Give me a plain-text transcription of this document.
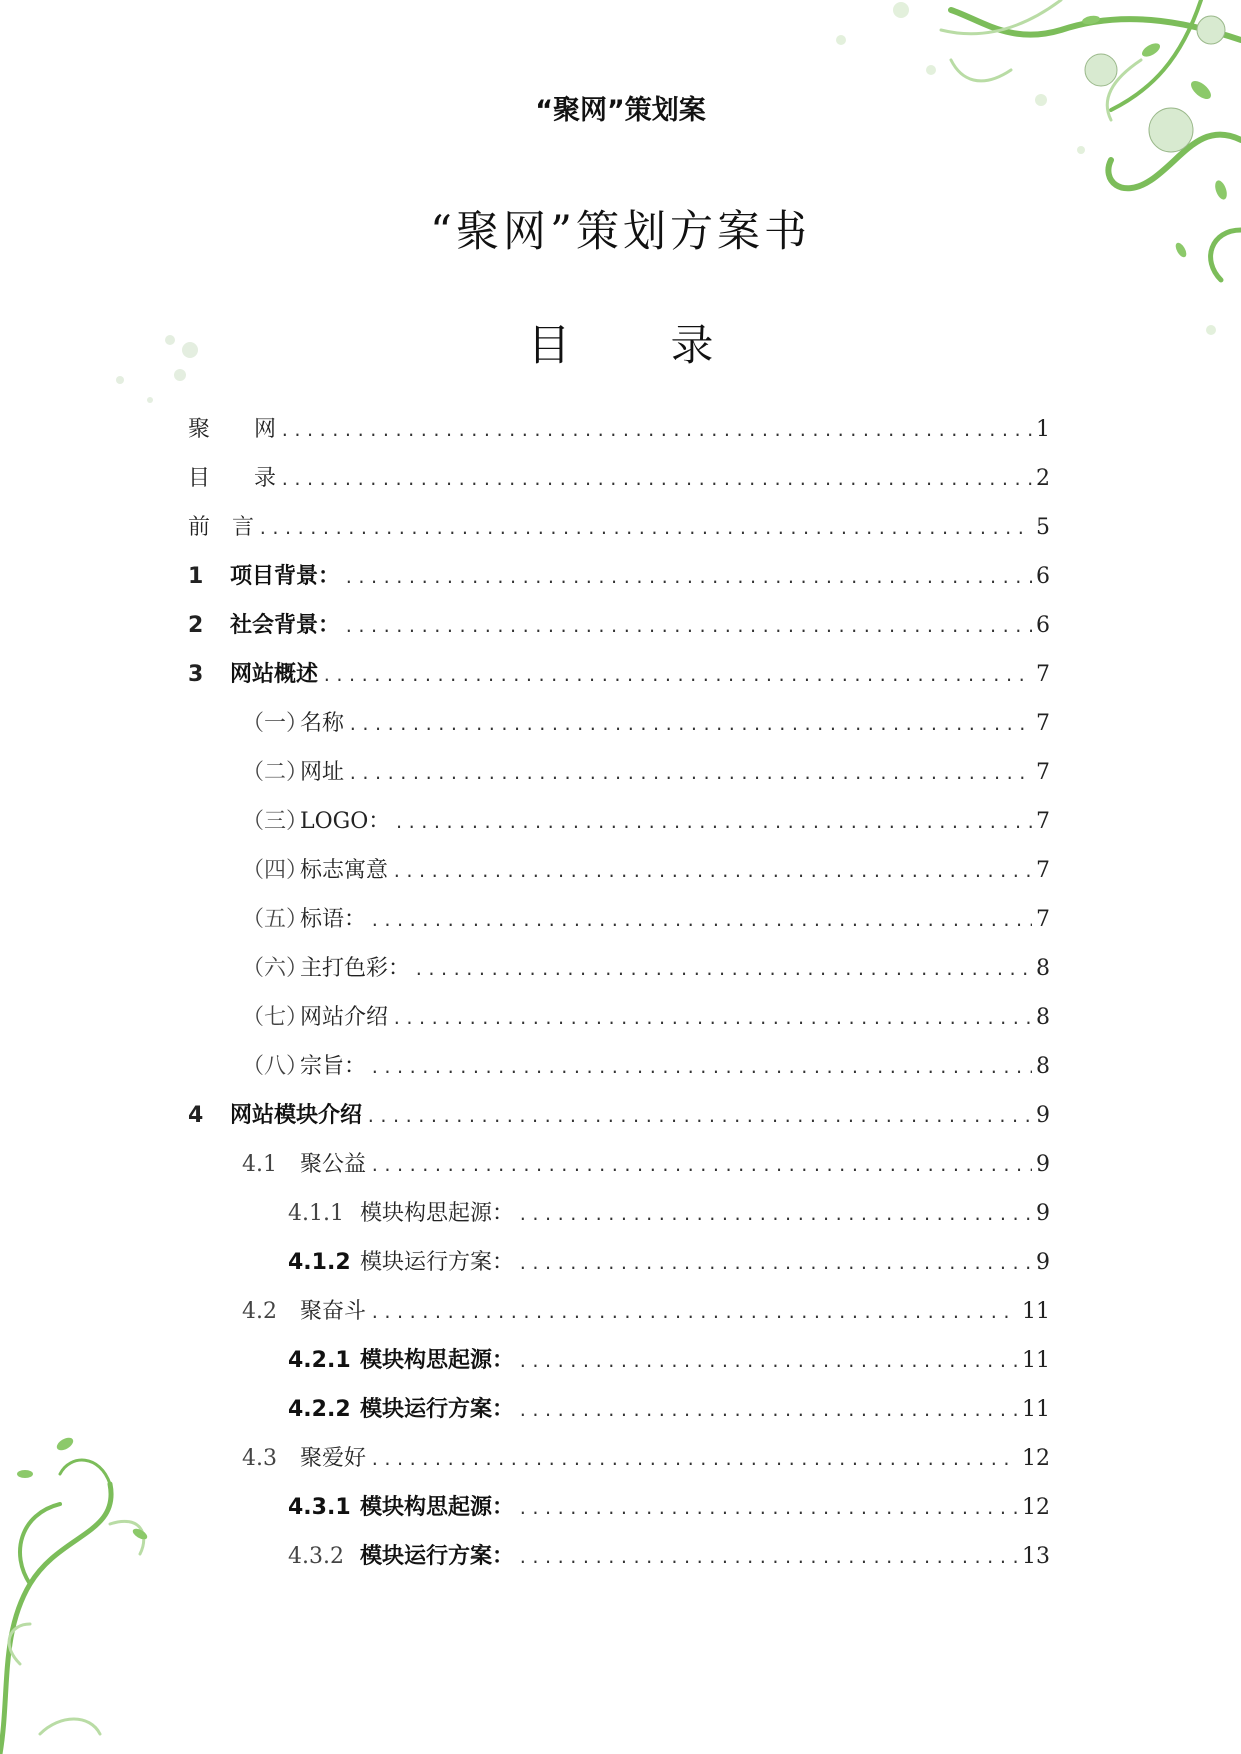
“聚网”策划案
“聚网”策划方案书
目 录
聚　　网 .....	1
目　　录 .....	2
前　言 .....	5
1 项目背景： .....	6
2 社会背景： .....	6
3 网站概述 .....	7
（一）名称 .....	7
（二）网址 .....	7
（三）LOGO： .....	7
（四）标志寓意 .....	7
（五）标语： .....	7
（六）主打色彩： .....	8
（七）网站介绍 .....	8
（八）宗旨： .....	8
4 网站模块介绍 .....	9
4.1 聚公益 .....	9
4.1.1 模块构思起源： .....	9
4.1.2 模块运行方案： .....	9
4.2 聚奋斗 .....	11
4.2.1 模块构思起源： .....	11
4.2.2 模块运行方案： .....	11
4.3 聚爱好 .....	12
4.3.1 模块构思起源： .....	12
4.3.2 模块运行方案： .....	13
